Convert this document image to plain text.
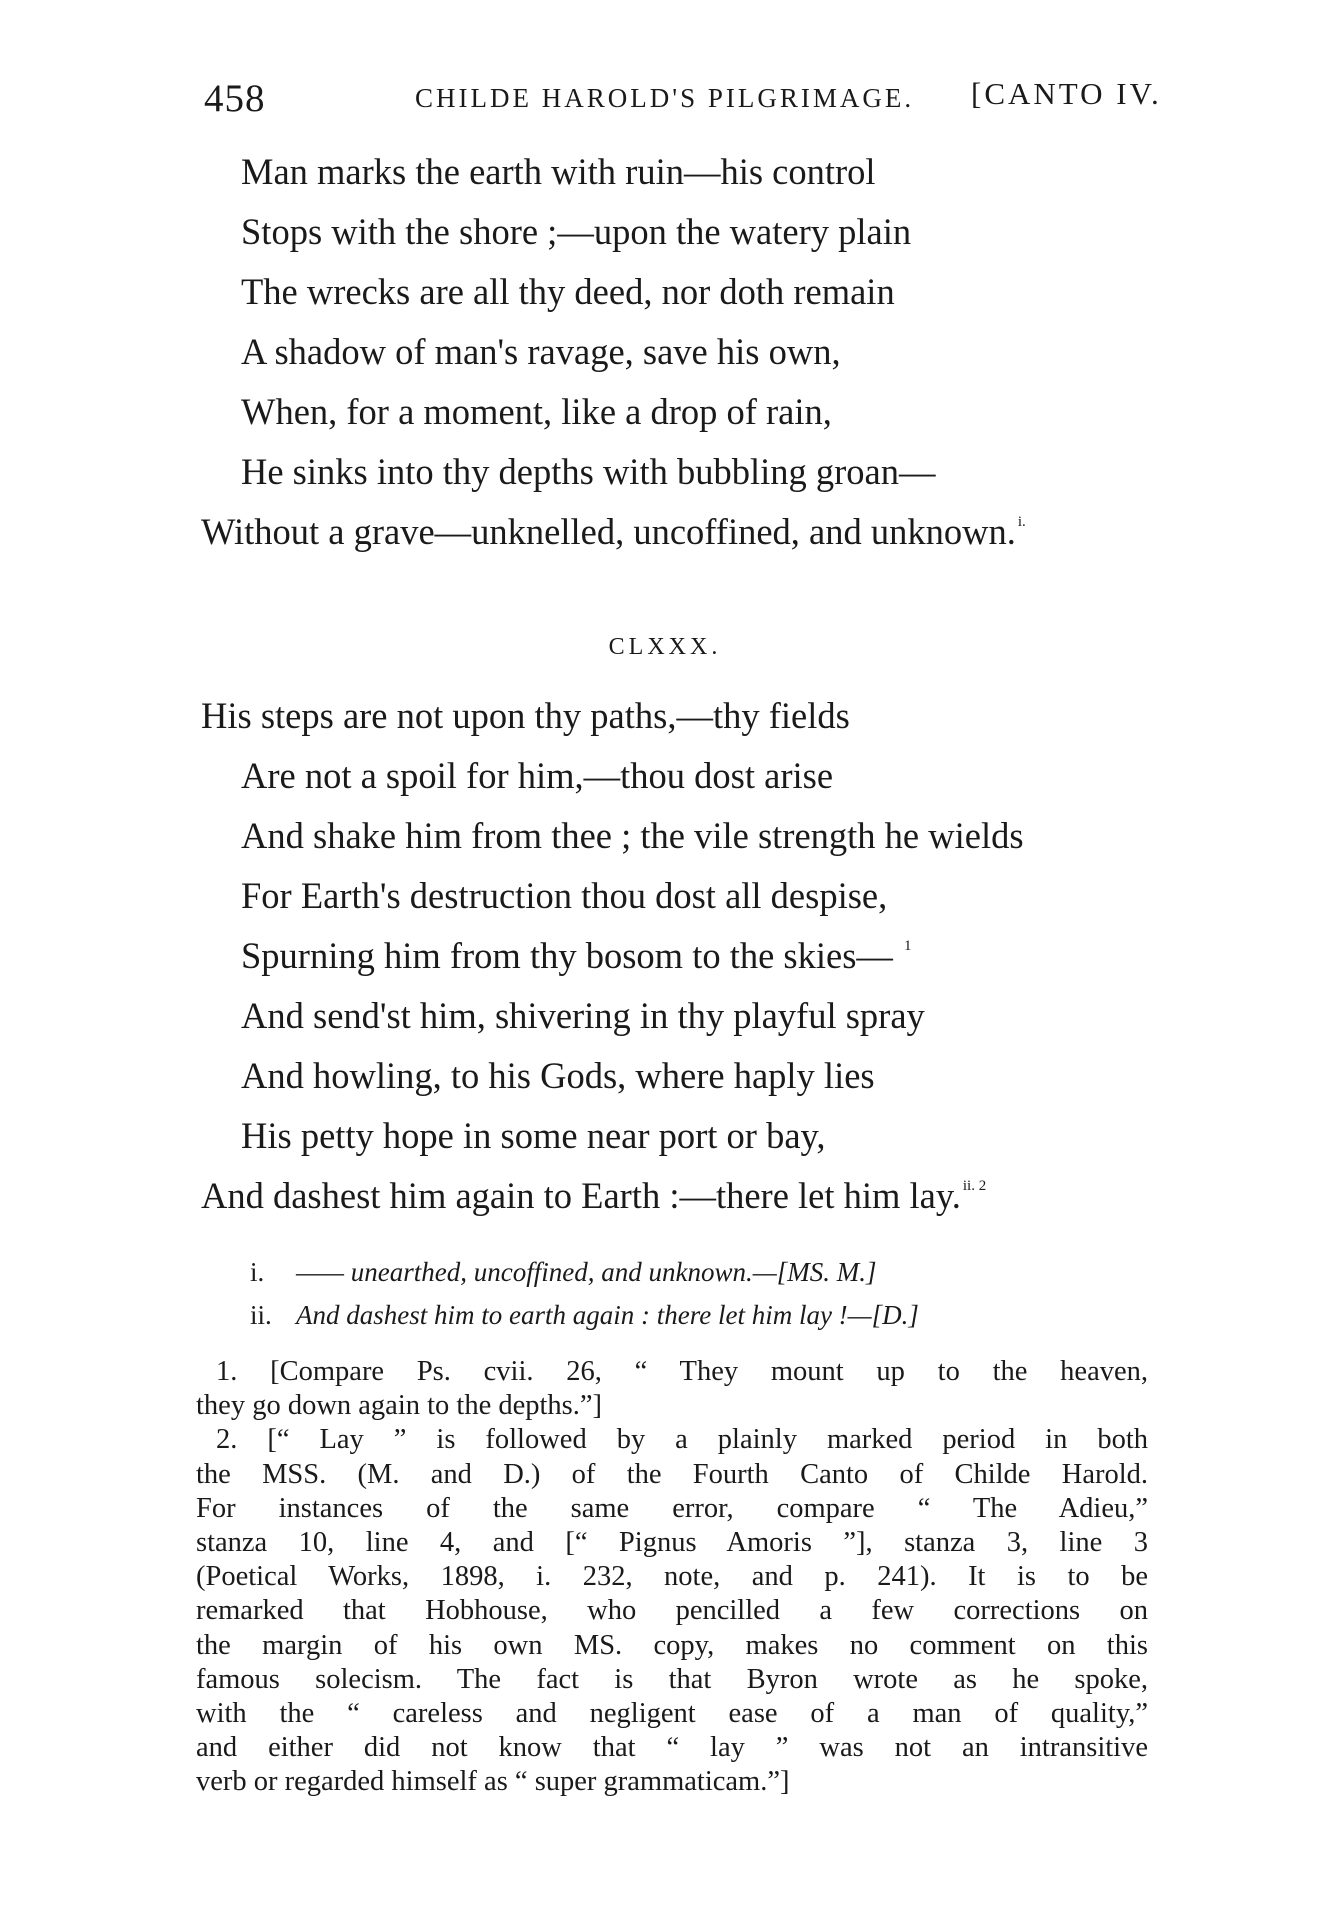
458	CHILDE HAROLD'S PILGRIMAGE. [CANTO IV.
Man marks the earth with ruin—his control
Stops with the shore ;—upon the watery plain
The wrecks are all thy deed, nor doth remain
A shadow of man's ravage, save his own,
When, for a moment, like a drop of rain,
He sinks into thy depths with bubbling groan—
Without a grave—unknelled, uncoffined, and unknown. $^{i.}$
CLXXX.
His steps are not upon thy paths,—thy fields
Are not a spoil for him,—thou dost arise
And shake him from thee ; the vile strength he wields
For Earth's destruction thou dost all despise,
Spurning him from thy bosom to the skies— $^1$
And send'st him, shivering in thy playful spray
And howling, to his Gods, where haply lies
His petty hope in some near port or bay,
And dashest him again to Earth :—there let him lay. $^{ii. 2}$
i. —— unearthed, uncoffined, and unknown.—[MS. M.]
ii. And dashest him to earth again : there let him lay !—[D.]
1. [Compare Ps. cvii. 26, “ They mount up to the heaven,
they go down again to the depths.”]
2. [“ Lay ” is followed by a plainly marked period in both
the MSS. (M. and D.) of the Fourth Canto of Childe Harold.
For instances of the same error, compare “ The Adieu,”
stanza 10, line 4, and [“ Pignus Amoris ”], stanza 3, line 3
(Poetical Works, 1898, i. 232, note, and p. 241). It is to be
remarked that Hobhouse, who pencilled a few corrections on
the margin of his own MS. copy, makes no comment on this
famous solecism. The fact is that Byron wrote as he spoke,
with the “ careless and negligent ease of a man of quality,”
and either did not know that “ lay ” was not an intransitive
verb or regarded himself as “ super grammaticam.”]
